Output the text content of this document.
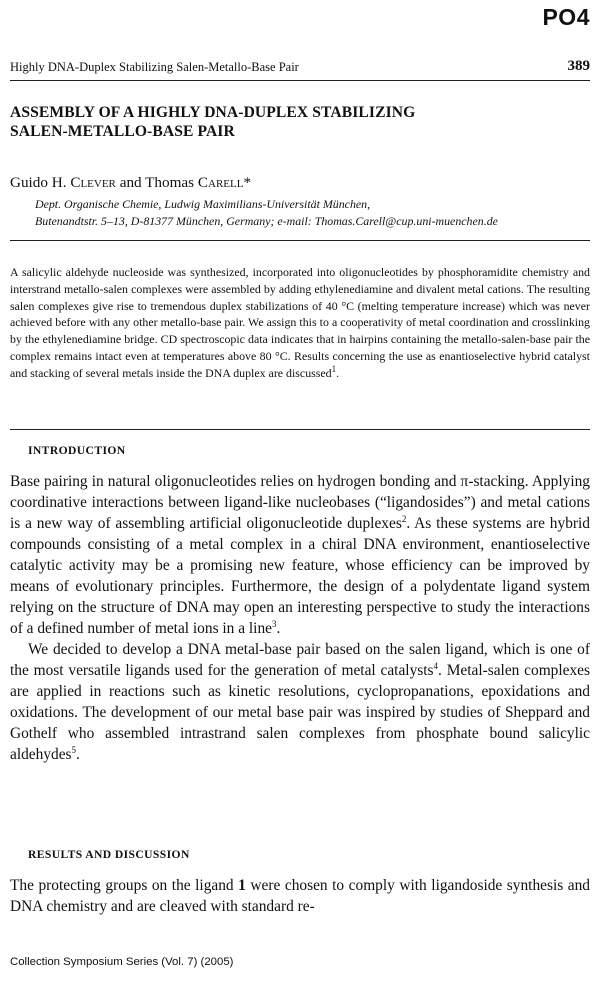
PO4
Highly DNA-Duplex Stabilizing Salen-Metallo-Base Pair	389
ASSEMBLY OF A HIGHLY DNA-DUPLEX STABILIZING
SALEN-METALLO-BASE PAIR
Guido H. Clever and Thomas Carell*
Dept. Organische Chemie, Ludwig Maximilians-Universität München,
Butenandtstr. 5–13, D-81377 München, Germany; e-mail: Thomas.Carell@cup.uni-muenchen.de

A salicylic aldehyde nucleoside was synthesized, incorporated into oligonucleotides by phosphoramidite chemistry and interstrand metallo-salen complexes were assembled by adding ethylenediamine and divalent metal cations. The resulting salen complexes give rise to tremendous duplex stabilizations of 40 °C (melting temperature increase) which was never achieved before with any other metallo-base pair. We assign this to a cooperativity of metal coordination and crosslinking by the ethylenediamine bridge. CD spectroscopic data indicates that in hairpins containing the metallo-salen-base pair the complex remains intact even at temperatures above 80 °C. Results concerning the use as enantioselective hybrid catalyst and stacking of several metals inside the DNA duplex are discussed$^1$.

INTRODUCTION

Base pairing in natural oligonucleotides relies on hydrogen bonding and π-stacking. Applying coordinative interactions between ligand-like nucleobases (“ligandosides”) and metal cations is a new way of assembling artificial oligonucleotide duplexes$^2$. As these systems are hybrid compounds consisting of a metal complex in a chiral DNA environment, enantioselective catalytic activity may be a promising new feature, whose efficiency can be improved by means of evolutionary principles. Furthermore, the design of a polydentate ligand system relying on the structure of DNA may open an interesting perspective to study the interactions of a defined number of metal ions in a line$^3$.

We decided to develop a DNA metal-base pair based on the salen ligand, which is one of the most versatile ligands used for the generation of metal catalysts$^4$. Metal-salen complexes are applied in reactions such as kinetic resolutions, cyclopropanations, epoxidations and oxidations. The development of our metal base pair was inspired by studies of Sheppard and Gothelf who assembled intrastrand salen complexes from phosphate bound salicylic aldehydes$^5$.

RESULTS AND DISCUSSION

The protecting groups on the ligand 1 were chosen to comply with ligandoside synthesis and DNA chemistry and are cleaved with standard re-

Collection Symposium Series (Vol. 7) (2005)
